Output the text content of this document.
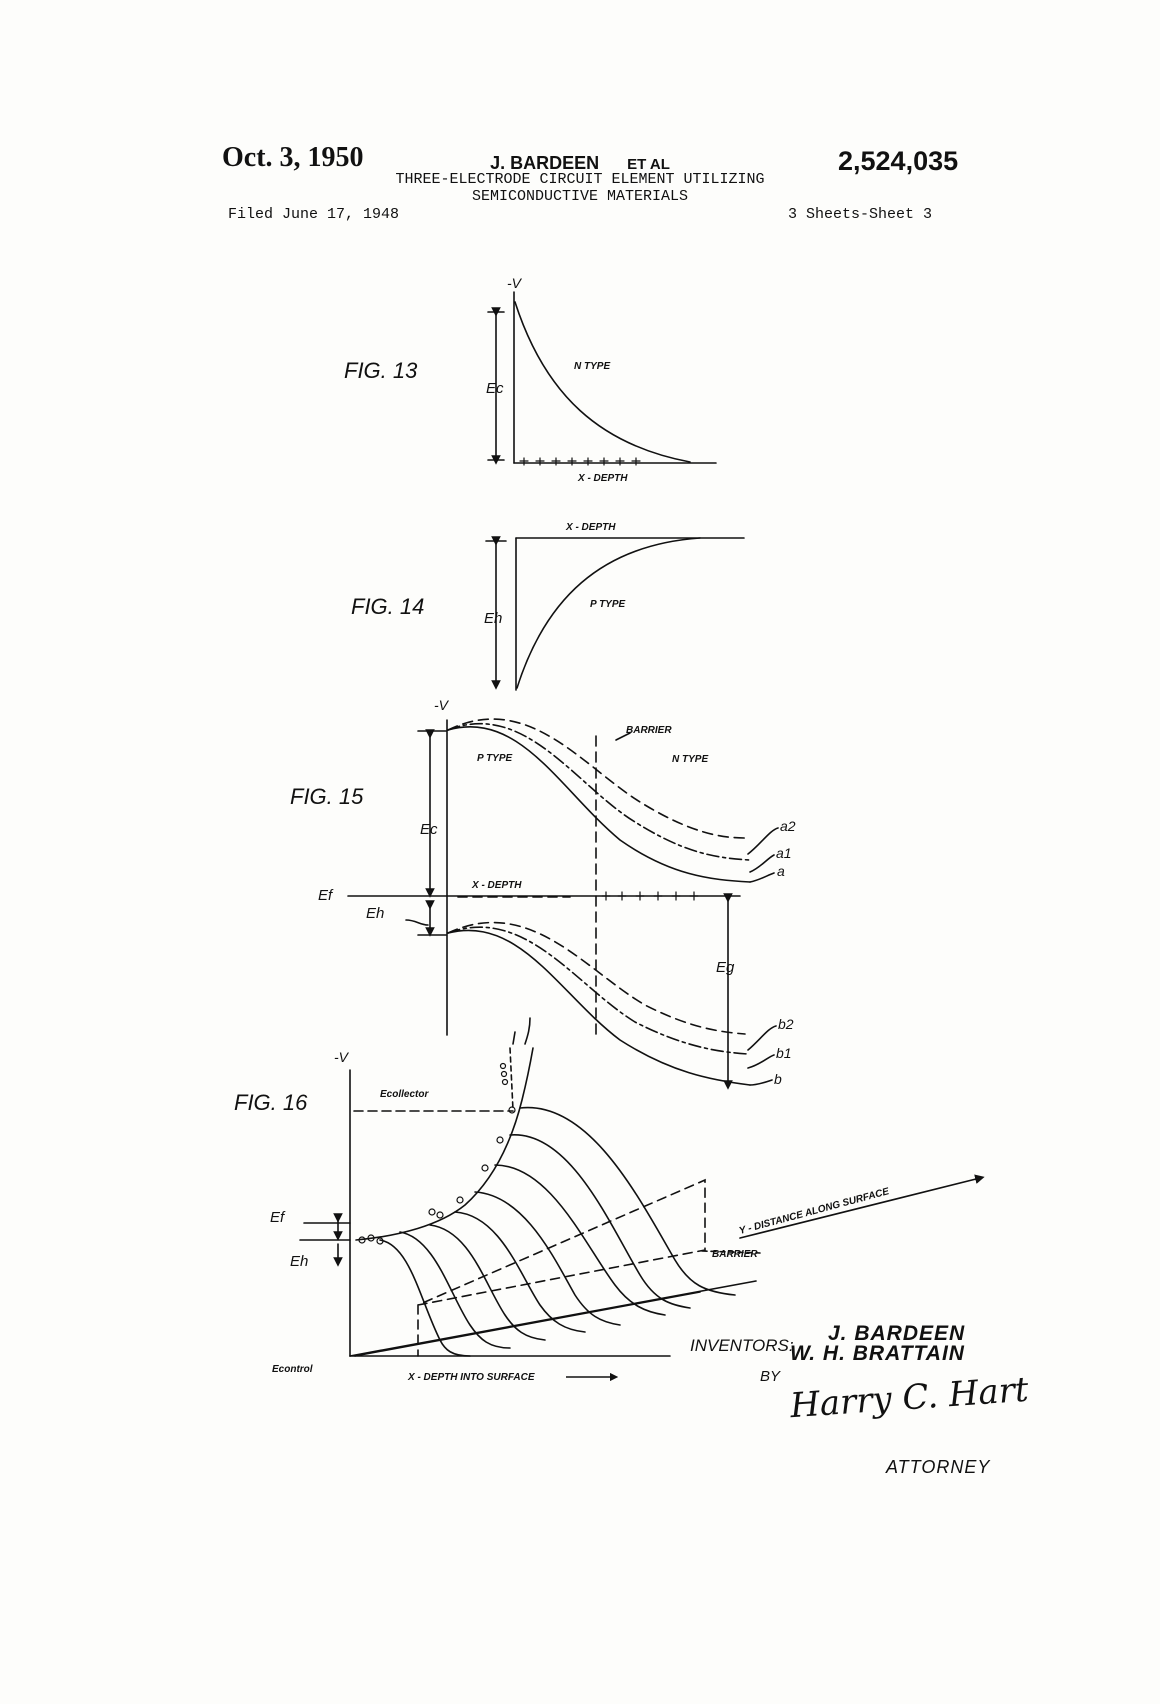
Oct. 3, 1950	2,524,035
J. BARDEEN ET AL
THREE-ELECTRODE CIRCUIT ELEMENT UTILIZING
SEMICONDUCTIVE MATERIALS
Filed June 17, 1948	3 Sheets-Sheet 3
FIG. 13
-V
Ec
N TYPE
X - DEPTH
FIG. 14
X - DEPTH
Eh
P TYPE
FIG. 15
-V
BARRIER
P TYPE	N TYPE
Ec
Ef
Eh
Eg
X - DEPTH
a
a1
a2
b
b1
b2
FIG. 16
-V
Ecollector
Ef
Eh
Econtrol
BARRIER
Y - DISTANCE ALONG SURFACE
X - DEPTH INTO SURFACE
INVENTORS:
J. BARDEEN
W. H. BRATTAIN
BY Harry C. Hart
ATTORNEY
